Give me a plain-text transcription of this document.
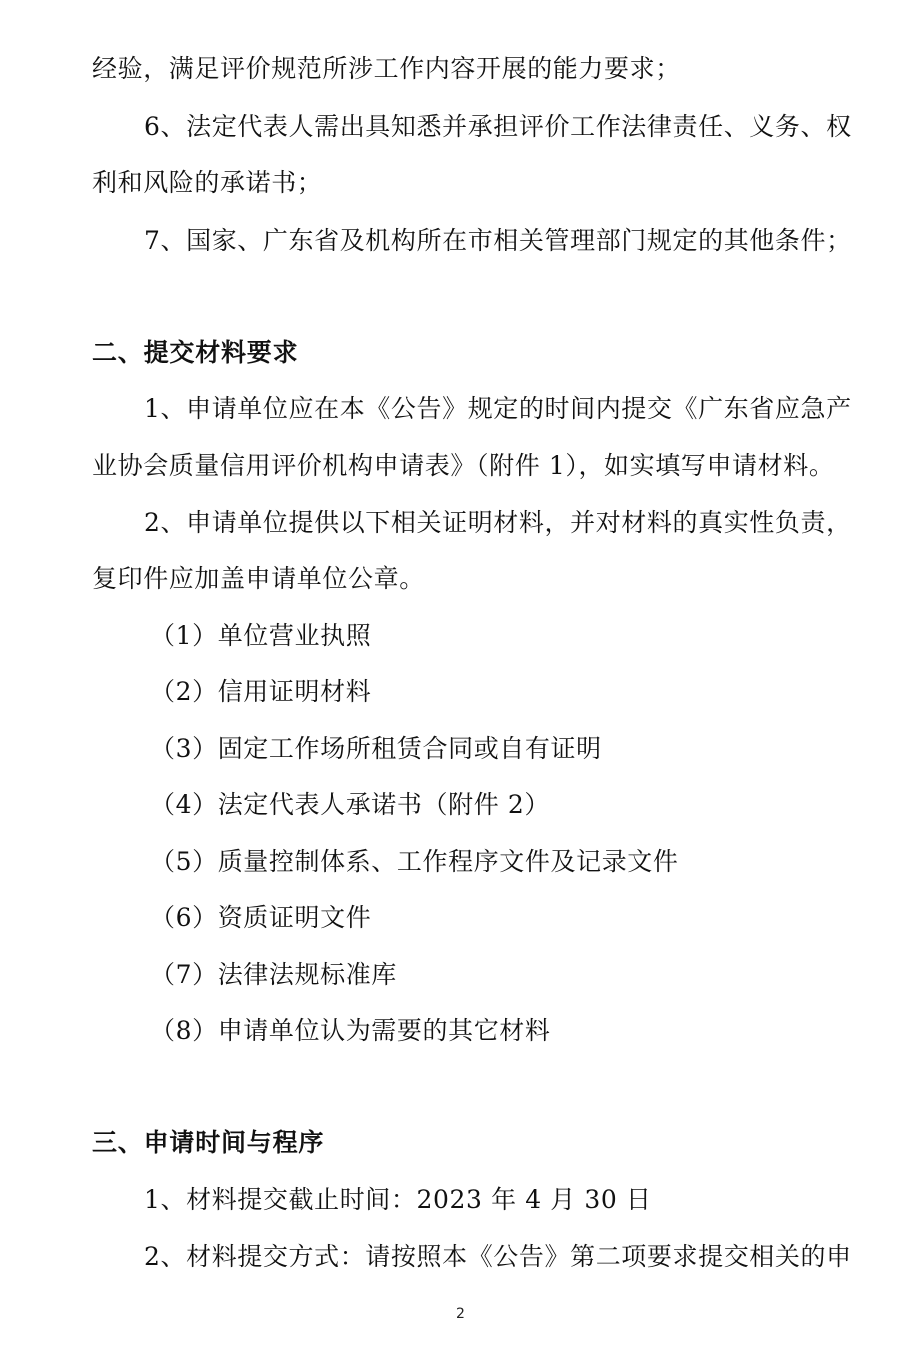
经验，满足评价规范所涉工作内容开展的能力要求；
6、法定代表人需出具知悉并承担评价工作法律责任、义务、权
利和风险的承诺书；
7、国家、广东省及机构所在市相关管理部门规定的其他条件；
二、提交材料要求
1、申请单位应在本《公告》规定的时间内提交《广东省应急产
业协会质量信用评价机构申请表》（附件 1），如实填写申请材料。
2、申请单位提供以下相关证明材料，并对材料的真实性负责，
复印件应加盖申请单位公章。
（1）单位营业执照
（2）信用证明材料
（3）固定工作场所租赁合同或自有证明
（4）法定代表人承诺书（附件 2）
（5）质量控制体系、工作程序文件及记录文件
（6）资质证明文件
（7）法律法规标准库
（8）申请单位认为需要的其它材料
三、申请时间与程序
1、材料提交截止时间：2023 年 4 月 30 日
2、材料提交方式：请按照本《公告》第二项要求提交相关的申
2
